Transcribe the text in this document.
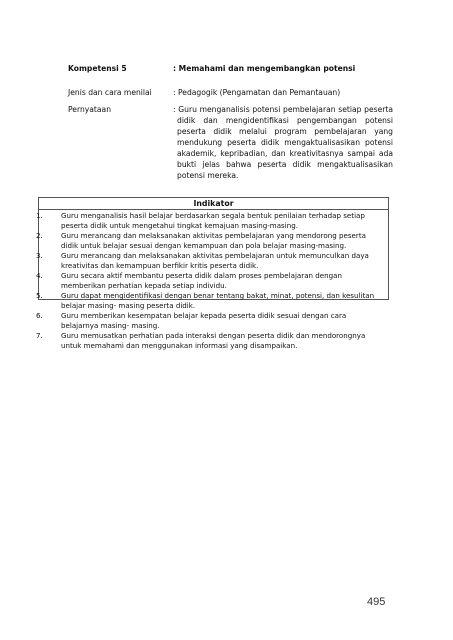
Kompetensi 5	: Memahami dan mengembangkan potensi
Jenis dan cara menilai	: Pedagogik (Pengamatan dan Pemantauan)
Pernyataan	: Guru menganalisis potensi pembelajaran setiap peserta didik dan mengidentifikasi pengembangan potensi peserta didik melalui program pembelajaran yang mendukung peserta didik mengaktualisasikan potensi akademik, kepribadian, dan kreativitasnya sampai ada bukti jelas bahwa peserta didik mengaktualisasikan potensi mereka.
Indikator
1.	Guru menganalisis hasil belajar berdasarkan segala bentuk penilaian terhadap setiap peserta didik untuk mengetahui tingkat kemajuan masing-masing.
2.	Guru merancang dan melaksanakan aktivitas pembelajaran yang mendorong peserta didik untuk belajar sesuai dengan kemampuan dan pola belajar masing-masing.
3.	Guru merancang dan melaksanakan aktivitas pembelajaran untuk memunculkan daya kreativitas dan kemampuan berfikir kritis peserta didik.
4.	Guru secara aktif membantu peserta didik dalam proses pembelajaran dengan memberikan perhatian kepada setiap individu.
5.	Guru dapat mengidentifikasi dengan benar tentang bakat, minat, potensi, dan kesulitan belajar masing- masing peserta didik.
6.	Guru memberikan kesempatan belajar kepada peserta didik sesuai dengan cara belajarnya masing- masing.
7.	Guru memusatkan perhatian pada interaksi dengan peserta didik dan mendorongnya untuk memahami dan menggunakan informasi yang disampaikan.
495
